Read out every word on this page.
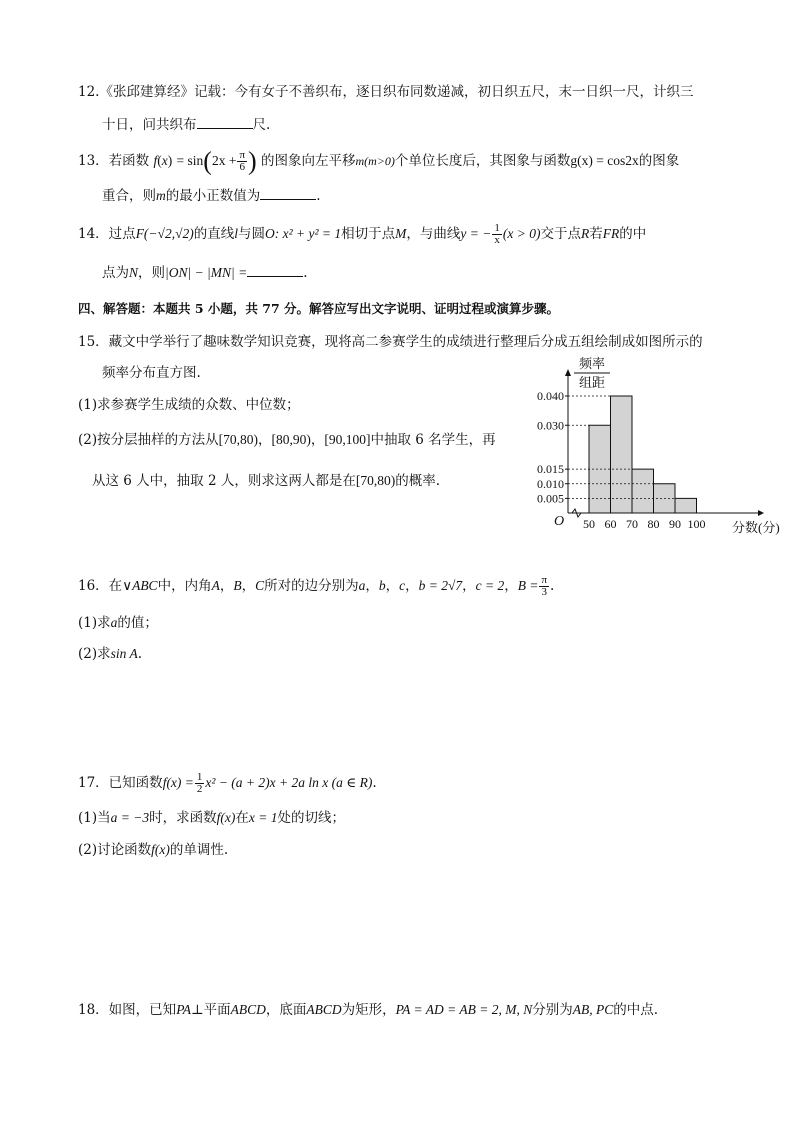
12.《张邱建算经》记载：今有女子不善织布，逐日织布同数递减，初日织五尺，末一日织一尺，计织三
十日，问共织布	尺.
13．若函数 $f(x) = \sin(2x + \frac{\pi}{6}$ ) 的图象向左平移m(m>0)个单位长度后，其图象与函数g(x) = cos2x的图象
重合，则m的最小正数值为	.
14．过点F(−√2,√2)的直线l与圆O: x² + y² = 1相切于点M，与曲线y = − $\frac{1}{x} (x > 0)$交于点R若FR的中
点为N，则|ON| − |MN| =	.
四、解答题：本题共 5 小题，共 77 分。解答应写出文字说明、证明过程或演算步骤。
15．藏文中学举行了趣味数学知识竞赛，现将高二参赛学生的成绩进行整理后分成五组绘制成如图所示的
频率分布直方图.
(1)求参赛学生成绩的众数、中位数；
(2)按分层抽样的方法从[70,80)，[80,90)，[90,100]中抽取 6 名学生，再
从这 6 人中，抽取 2 人，则求这两人都是在[70,80)的概率.
0.040
0.030
0.015
0.010
0.005
50 60 70 80 90 100
频率
组距
分数(分)
O
16．在∨ABC中，内角A，B，C所对的边分别为a，b，c，b = 2√7，c = 2，$B = \frac{\pi}{3}$ .
(1)求a的值；
(2)求sin A.
17．已知函数$f(x) = \frac{1}{2} x^2 - (a + 2)x + 2a$ ln x (a ∈ R).
(1)当a = −3时，求函数f(x)在x = 1处的切线；
(2)讨论函数f(x)的单调性.
18．如图，已知PA⊥平面ABCD，底面ABCD为矩形，PA = AD = AB = 2, M, N分别为AB, PC的中点.
